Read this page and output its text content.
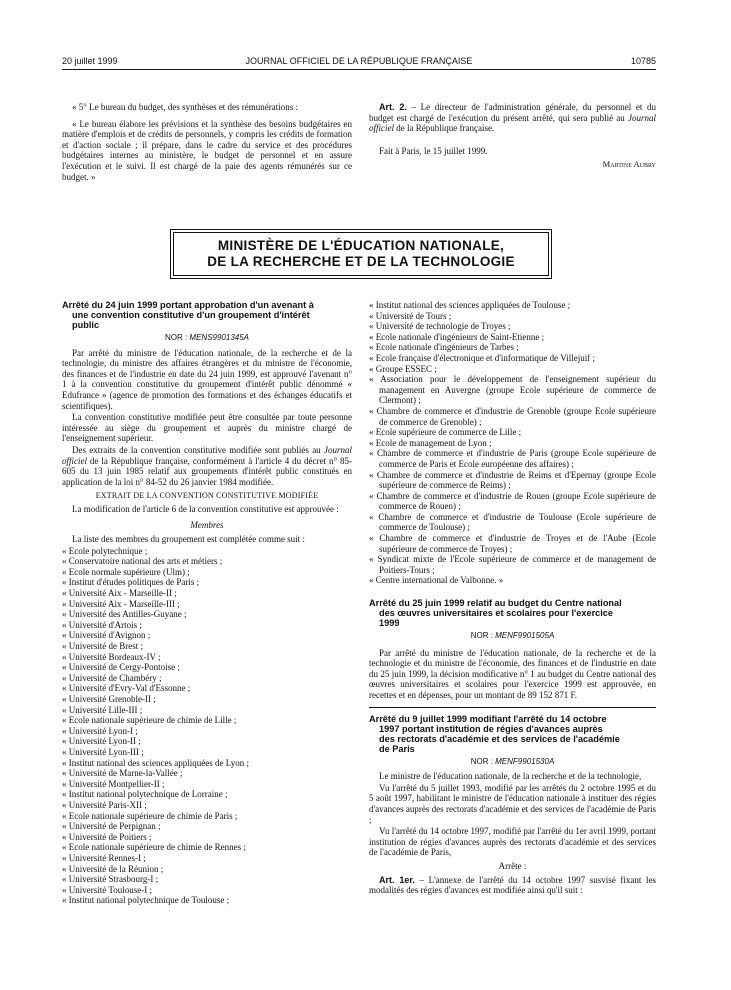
20 juillet 1999	JOURNAL OFFICIEL DE LA RÉPUBLIQUE FRANÇAISE	10785

« 5° Le bureau du budget, des synthèses et des rémunérations :

« Le bureau élabore les prévisions et la synthèse des besoins budgétaires en matière d'emplois et de crédits de personnels, y compris les crédits de formation et d'action sociale ; il prépare, dans le cadre du service et des procédures budgétaires internes au ministère, le budget de personnel et en assure l'exécution et le suivi. Il est chargé de la paie des agents rémunérés sur ce budget. »

Art. 2. – Le directeur de l'administration générale, du personnel et du budget est chargé de l'exécution du présent arrêté, qui sera publié au Journal officiel de la République française.

Fait à Paris, le 15 juillet 1999.

Martine Aubry
MINISTÈRE DE L'ÉDUCATION NATIONALE,
DE LA RECHERCHE ET DE LA TECHNOLOGIE
Arrêté du 24 juin 1999 portant approbation d'un avenant à
une convention constitutive d'un groupement d'intérêt
public
NOR : MENS9901345A

Par arrêté du ministre de l'éducation nationale, de la recherche et de la technologie, du ministre des affaires étrangères et du ministre de l'économie, des finances et de l'industrie en date du 24 juin 1999, est approuvé l'avenant n° 1 à la convention constitutive du groupement d'intérêt public dénommé « Edufrance » (agence de promotion des formations et des échanges éducatifs et scientifiques).

La convention constitutive modifiée peut être consultée par toute personne intéressée au siège du groupement et auprès du ministre chargé de l'enseignement supérieur.

Des extraits de la convention constitutive modifiée sont publiés au Journal officiel de la République française, conformément à l'article 4 du décret n° 85-605 du 13 juin 1985 relatif aux groupements d'intérêt public constitués en application de la loi n° 84-52 du 26 janvier 1984 modifiée.

EXTRAIT DE LA CONVENTION CONSTITUTIVE MODIFIÉE

La modification de l'article 6 de la convention constitutive est approuvée :

Membres

La liste des membres du groupement est complétée comme suit :

« Ecole polytechnique ;

« Conservatoire national des arts et métiers ;

« Ecole normale supérieure (Ulm) ;

« Institut d'études politiques de Paris ;

« Université Aix - Marseille-II ;

« Université Aix - Marseille-III ;

« Université des Antilles-Guyane ;

« Université d'Artois ;

« Université d'Avignon ;

« Université de Brest ;

« Université Bordeaux-IV ;

« Université de Cergy-Pontoise ;

« Université de Chambéry ;

« Université d'Evry-Val d'Essonne ;

« Université Grenoble-II ;

« Université Lille-III ;

« Ecole nationale supérieure de chimie de Lille ;

« Université Lyon-I ;

« Université Lyon-II ;

« Université Lyon-III ;

« Institut national des sciences appliquées de Lyon ;

« Université de Marne-la-Vallée ;

« Université Montpellier-II ;

« Institut national polytechnique de Lorraine ;

« Université Paris-XII ;

« Ecole nationale supérieure de chimie de Paris ;

« Université de Perpignan ;

« Université de Poitiers ;

« Ecole nationale supérieure de chimie de Rennes ;

« Université Rennes-I ;

« Université de la Réunion ;

« Université Strasbourg-I ;

« Université Toulouse-I ;

« Institut national polytechnique de Toulouse ;

« Institut national des sciences appliquées de Toulouse ;

« Université de Tours ;

« Université de technologie de Troyes ;

« Ecole nationale d'ingénieurs de Saint-Etienne ;

« Ecole nationale d'ingénieurs de Tarbes ;

« Ecole française d'électronique et d'informatique de Villejuif ;

« Groupe ESSEC ;

« Association pour le développement de l'enseignement supérieur du management en Auvergne (groupe Ecole supérieure de commerce de Clermont) ;

« Chambre de commerce et d'industrie de Grenoble (groupe Ecole supérieure de commerce de Grenoble) ;

« Ecole supérieure de commerce de Lille ;

« Ecole de management de Lyon ;

« Chambre de commerce et d'industrie de Paris (groupe Ecole supérieure de commerce de Paris et Ecole européenne des affaires) ;

« Chambre de commerce et d'industrie de Reims et d'Epernay (groupe Ecole supérieure de commerce de Reims) ;

« Chambre de commerce et d'industrie de Rouen (groupe Ecole supérieure de commerce de Rouen) ;

« Chambre de commerce et d'industrie de Toulouse (Ecole supérieure de commerce de Toulouse) ;

« Chambre de commerce et d'industrie de Troyes et de l'Aube (Ecole supérieure de commerce de Troyes) ;

« Syndicat mixte de l'Ecole supérieure de commerce et de management de Poitiers-Tours ;

« Centre international de Valbonne. »

Arrêté du 25 juin 1999 relatif au budget du Centre national
des œuvres universitaires et scolaires pour l'exercice
1999
NOR : MENF9901505A

Par arrêté du ministre de l'éducation nationale, de la recherche et de la technologie et du ministre de l'économie, des finances et de l'industrie en date du 25 juin 1999, la décision modificative n° 1 au budget du Centre national des œuvres universitaires et scolaires pour l'exercice 1999 est approuvée, en recettes et en dépenses, pour un montant de 89 152 871 F.

Arrêté du 9 juillet 1999 modifiant l'arrêté du 14 octobre
1997 portant institution de régies d'avances auprès
des rectorats d'académie et des services de l'académie
de Paris
NOR : MENF9901530A

Le ministre de l'éducation nationale, de la recherche et de la technologie,

Vu l'arrêté du 5 juillet 1993, modifié par les arrêtés du 2 octobre 1995 et du 5 août 1997, habilitant le ministre de l'éducation nationale à instituer des régies d'avances auprès des rectorats d'académie et des services de l'académie de Paris ;

Vu l'arrêté du 14 octobre 1997, modifié par l'arrêté du 1er avril 1999, portant institution de régies d'avances auprès des rectorats d'académie et des services de l'académie de Paris,

Arrête :

Art. 1er. – L'annexe de l'arrêté du 14 octobre 1997 susvisé fixant les modalités des régies d'avances est modifiée ainsi qu'il suit :
